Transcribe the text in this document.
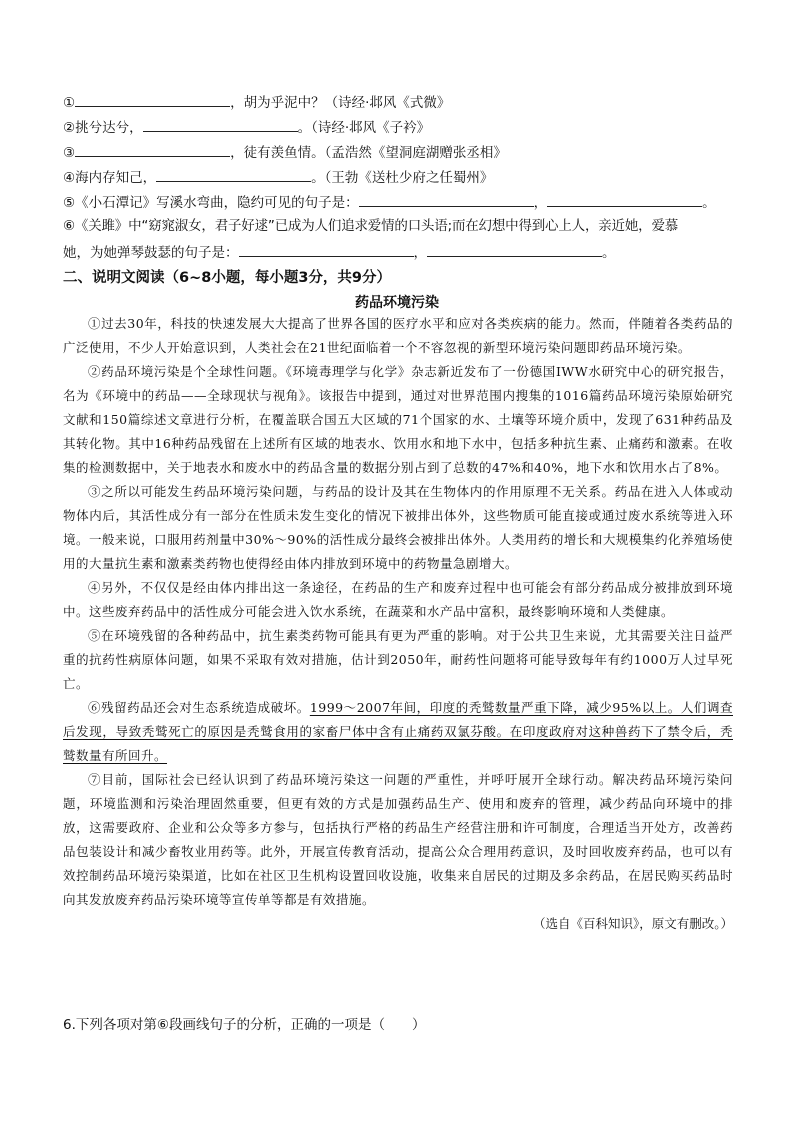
①	，胡为乎泥中？（诗经·邶风《式微》
②挑兮达兮，	。（诗经·邶风《子衿》
③	，徒有羡鱼情。（孟浩然《望洞庭湖赠张丞相》
④海内存知己，	。（王勃《送杜少府之任蜀州》
⑤《小石潭记》写溪水弯曲，隐约可见的句子是：	，	。
⑥《关雎》中“窈窕淑女，君子好逑”已成为人们追求爱情的口头语;而在幻想中得到心上人，亲近她，爱慕
她，为她弹琴鼓瑟的句子是：	，	。
二、说明文阅读（6~8小题，每小题3分，共9分）
药品环境污染

①过去30年，科技的快速发展大大提高了世界各国的医疗水平和应对各类疾病的能力。然而，伴随着各类药品的广泛使用，不少人开始意识到，人类社会在21世纪面临着一个不容忽视的新型环境污染问题即药品环境污染。

②药品环境污染是个全球性问题。《环境毒理学与化学》杂志新近发布了一份德国IWW水研究中心的研究报告，名为《环境中的药品——全球现状与视角》。该报告中提到，通过对世界范围内搜集的1016篇药品环境污染原始研究文献和150篇综述文章进行分析，在覆盖联合国五大区域的71个国家的水、土壤等环境介质中，发现了631种药品及其转化物。其中16种药品残留在上述所有区域的地表水、饮用水和地下水中，包括多种抗生素、止痛药和激素。在收集的检测数据中，关于地表水和废水中的药品含量的数据分别占到了总数的47%和40%，地下水和饮用水占了8%。

③之所以可能发生药品环境污染问题，与药品的设计及其在生物体内的作用原理不无关系。药品在进入人体或动物体内后，其活性成分有一部分在性质未发生变化的情况下被排出体外，这些物质可能直接或通过废水系统等进入环境。一般来说，口服用药剂量中30%～90%的活性成分最终会被排出体外。人类用药的增长和大规模集约化养殖场使用的大量抗生素和激素类药物也使得经由体内排放到环境中的药物量急剧增大。

④另外，不仅仅是经由体内排出这一条途径，在药品的生产和废弃过程中也可能会有部分药品成分被排放到环境中。这些废弃药品中的活性成分可能会进入饮水系统，在蔬菜和水产品中富积，最终影响环境和人类健康。

⑤在环境残留的各种药品中，抗生素类药物可能具有更为严重的影响。对于公共卫生来说，尤其需要关注日益严重的抗药性病原体问题，如果不采取有效对措施，估计到2050年，耐药性问题将可能导致每年有约1000万人过早死亡。

⑥残留药品还会对生态系统造成破坏。1999～2007年间，印度的秃鹫数量严重下降，减少95%以上。人们调查后发现，导致秃鹫死亡的原因是秃鹫食用的家畜尸体中含有止痛药双氯芬酸。在印度政府对这种兽药下了禁令后，秃鹫数量有所回升。

⑦目前，国际社会已经认识到了药品环境污染这一问题的严重性，并呼吁展开全球行动。解决药品环境污染问题，环境监测和污染治理固然重要，但更有效的方式是加强药品生产、使用和废弃的管理，减少药品向环境中的排放，这需要政府、企业和公众等多方参与，包括执行严格的药品生产经营注册和许可制度，合理适当开处方，改善药品包装设计和减少畜牧业用药等。此外，开展宣传教育活动，提高公众合理用药意识，及时回收废弃药品，也可以有效控制药品环境污染渠道，比如在社区卫生机构设置回收设施，收集来自居民的过期及多余药品，在居民购买药品时向其发放废弃药品污染环境等宣传单等都是有效措施。

（选自《百科知识》，原文有删改。）

6.下列各项对第⑥段画线句子的分析，正确的一项是（　　）
